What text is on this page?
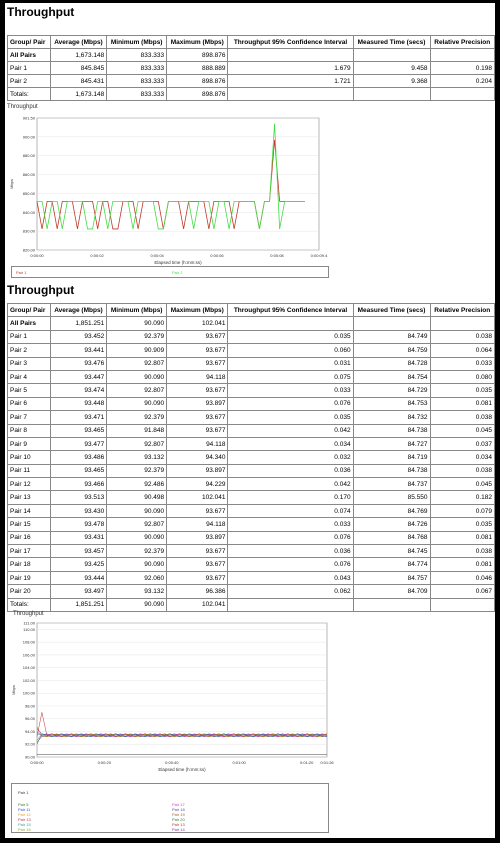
Throughput
Group/ Pair	Average (Mbps)	Minimum (Mbps)	Maximum (Mbps)	Throughput 95% Confidence Interval	Measured Time (secs)	Relative Precision
All Pairs	1,673.148	833.333	898.876			
Pair 1	845.845	833.333	888.889	1.679	9.458	0.198
Pair 2	845.431	833.333	898.876	1.721	9.368	0.204
Totals:	1,673.148	833.333	898.876			
Throughput
901.50
900.00
880.00
860.00
850.00
840.00
830.00
820.00
0:00:00	0:00:02	0:00:04	0:00:06	0:00:08	0:00:09.4
Elapsed time (h:mm:ss)
Mbps
Pair 1	Pair 2
Throughput
Group/ Pair	Average (Mbps)	Minimum (Mbps)	Maximum (Mbps)	Throughput 95% Confidence Interval	Measured Time (secs)	Relative Precision
All Pairs	1,851.251	90.090	102.041			
Pair 1	93.452	92.379	93.677	0.035	84.749	0.038
Pair 2	93.441	90.909	93.677	0.060	84.759	0.064
Pair 3	93.476	92.807	93.677	0.031	84.728	0.033
Pair 4	93.447	90.090	94.118	0.075	84.754	0.080
Pair 5	93.474	92.807	93.677	0.033	84.729	0.035
Pair 6	93.448	90.090	93.897	0.076	84.753	0.081
Pair 7	93.471	92.379	93.677	0.035	84.732	0.038
Pair 8	93.465	91.848	93.677	0.042	84.738	0.045
Pair 9	93.477	92.807	94.118	0.034	84.727	0.037
Pair 10	93.486	93.132	94.340	0.032	84.719	0.034
Pair 11	93.465	92.379	93.897	0.036	84.738	0.038
Pair 12	93.466	92.486	94.229	0.042	84.737	0.045
Pair 13	93.513	90.498	102.041	0.170	85.550	0.182
Pair 14	93.430	90.090	93.677	0.074	84.769	0.079
Pair 15	93.478	92.807	94.118	0.033	84.726	0.035
Pair 16	93.431	90.090	93.897	0.076	84.768	0.081
Pair 17	93.457	92.379	93.677	0.036	84.745	0.038
Pair 18	93.425	90.090	93.677	0.076	84.774	0.081
Pair 19	93.444	92.060	93.677	0.043	84.757	0.046
Pair 20	93.497	93.132	96.386	0.062	84.709	0.067
Totals:	1,851.251	90.090	102.041			
Throughput
111.00
110.00
108.00
106.00
104.00
102.00
100.00
98.00
96.00
94.00
92.00
90.00
0:00:00	0:00:20	0:00:40	0:01:00	0:01:20 0:01:26
Elapsed time (h:mm:ss)
Mbps
Pair 1
Pair 5
Pair 11
Pair 12
Pair 13
Pair 15
Pair 16
Pair 17
Pair 18
Pair 19
Pair 20
Pair 13
Pair 14
KOOL
头条@KoolShare论坛
